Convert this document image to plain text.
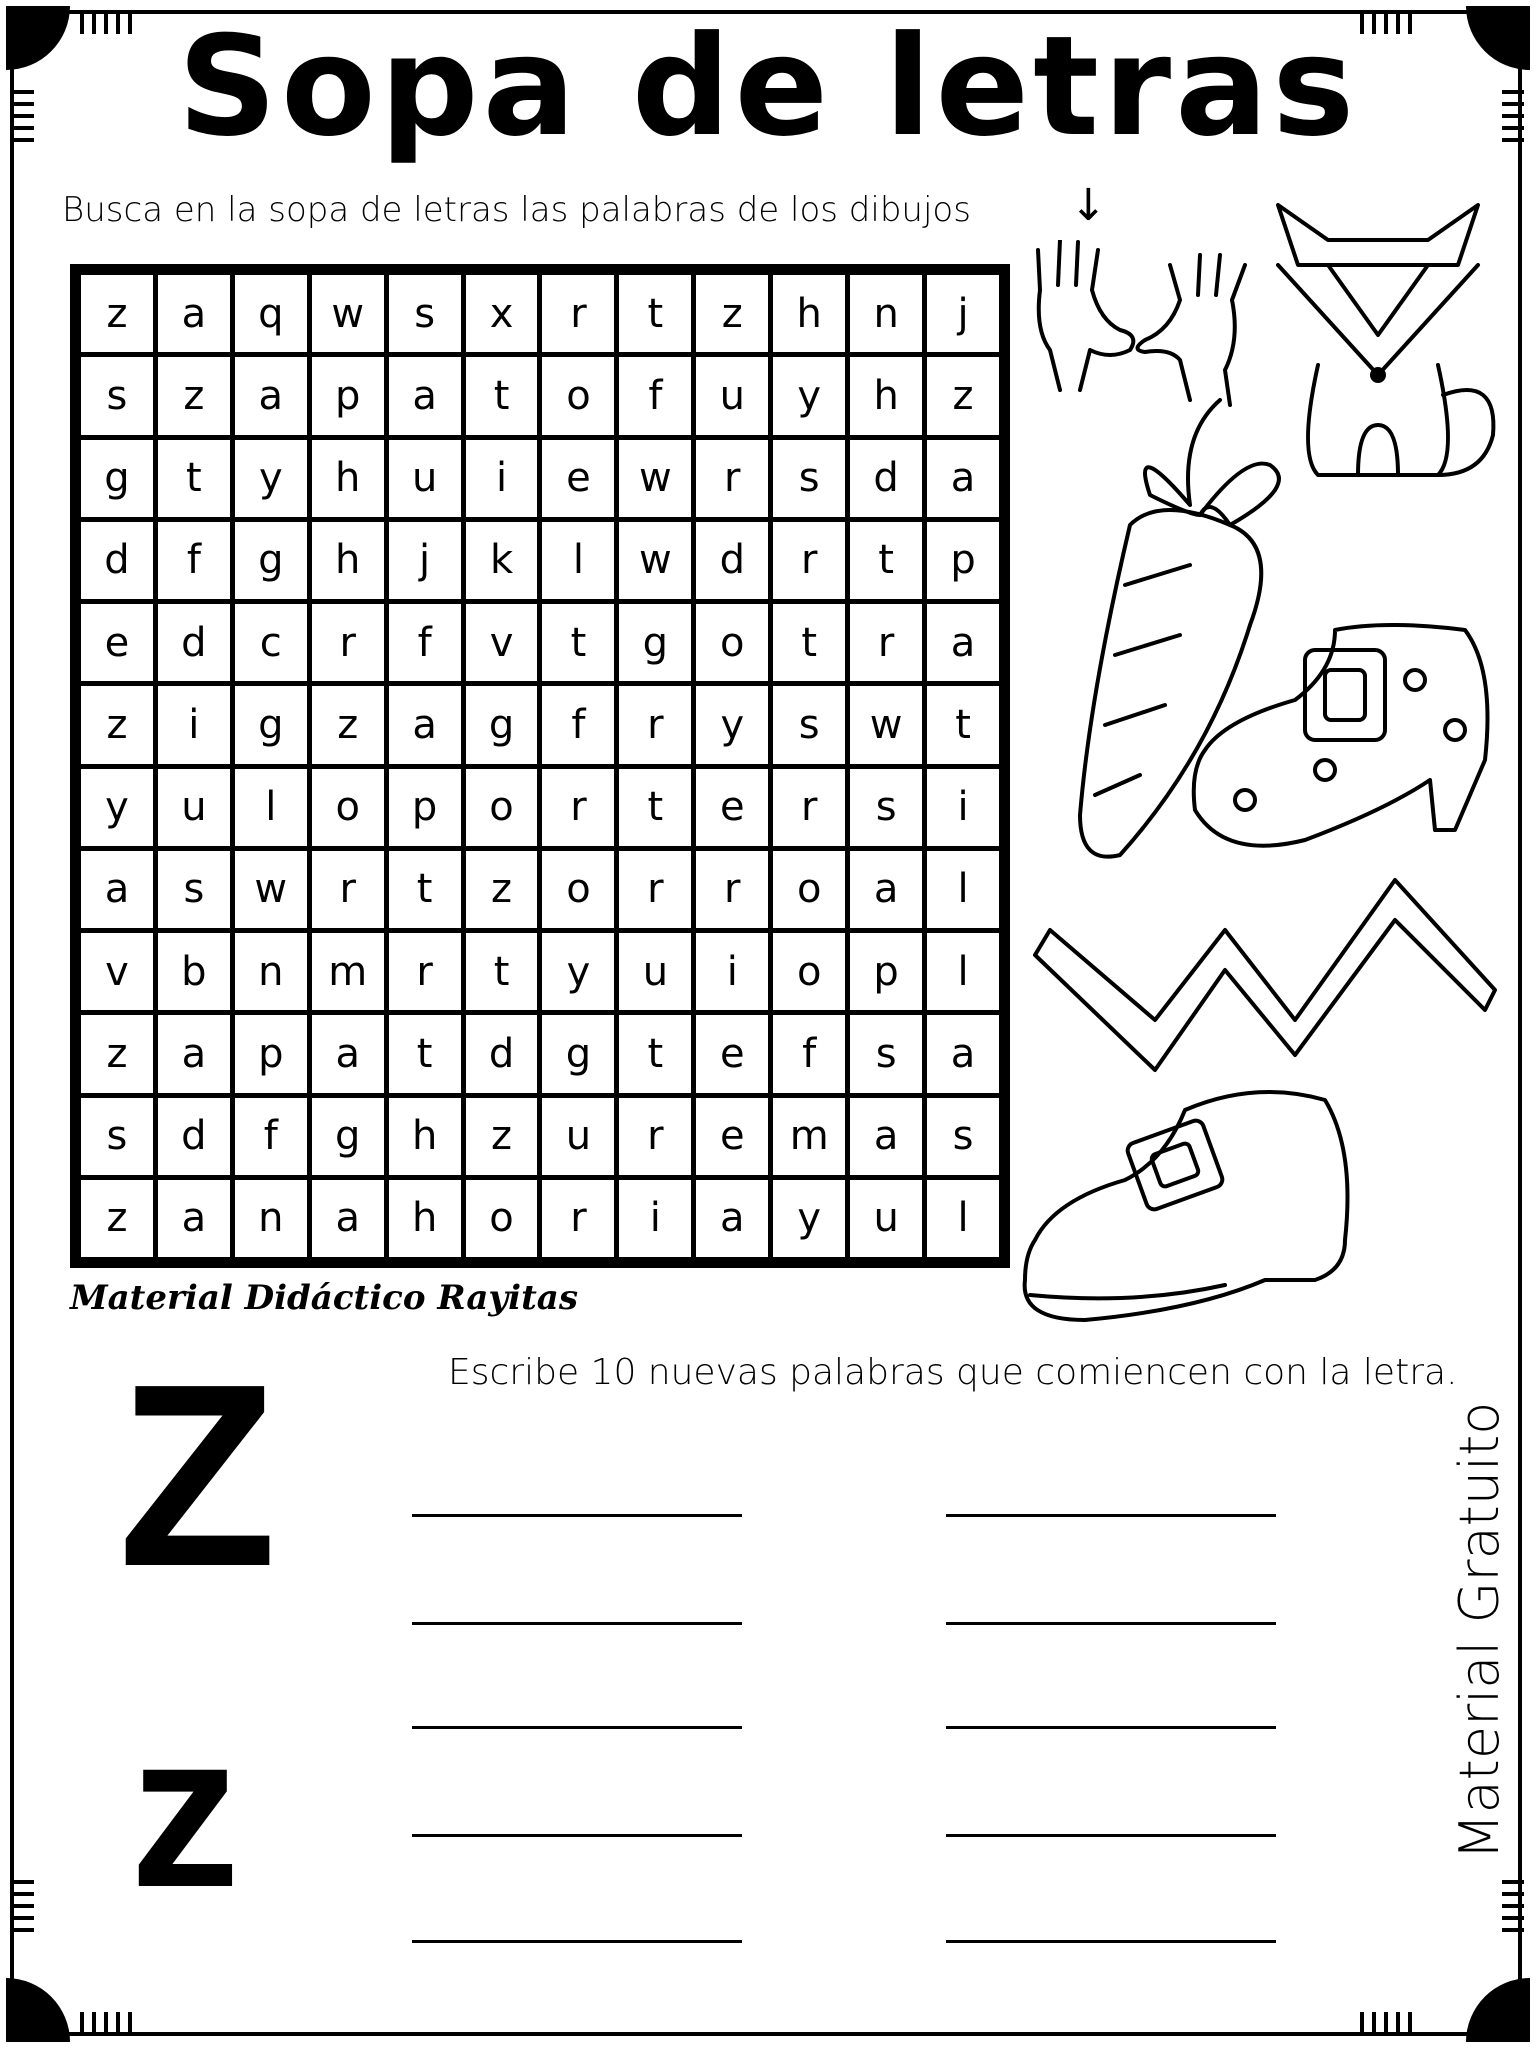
Sopa de letras
Busca en la sopa de letras las palabras de los dibujos ↓
z	a	q	w	s	x	r	t	z	h	n	j
s	z	a	p	a	t	o	f	u	y	h	z
g	t	y	h	u	i	e	w	r	s	d	a
d	f	g	h	j	k	l	w	d	r	t	p
e	d	c	r	f	v	t	g	o	t	r	a
z	i	g	z	a	g	f	r	y	s	w	t
y	u	l	o	p	o	r	t	e	r	s	i
a	s	w	r	t	z	o	r	r	o	a	l
v	b	n	m	r	t	y	u	i	o	p	l
z	a	p	a	t	d	g	t	e	f	s	a
s	d	f	g	h	z	u	r	e	m	a	s
z	a	n	a	h	o	r	i	a	y	u	l
Material Didáctico Rayitas
Escribe 10 nuevas palabras que comiencen con la letra.
Z
z	Material Gratuito
